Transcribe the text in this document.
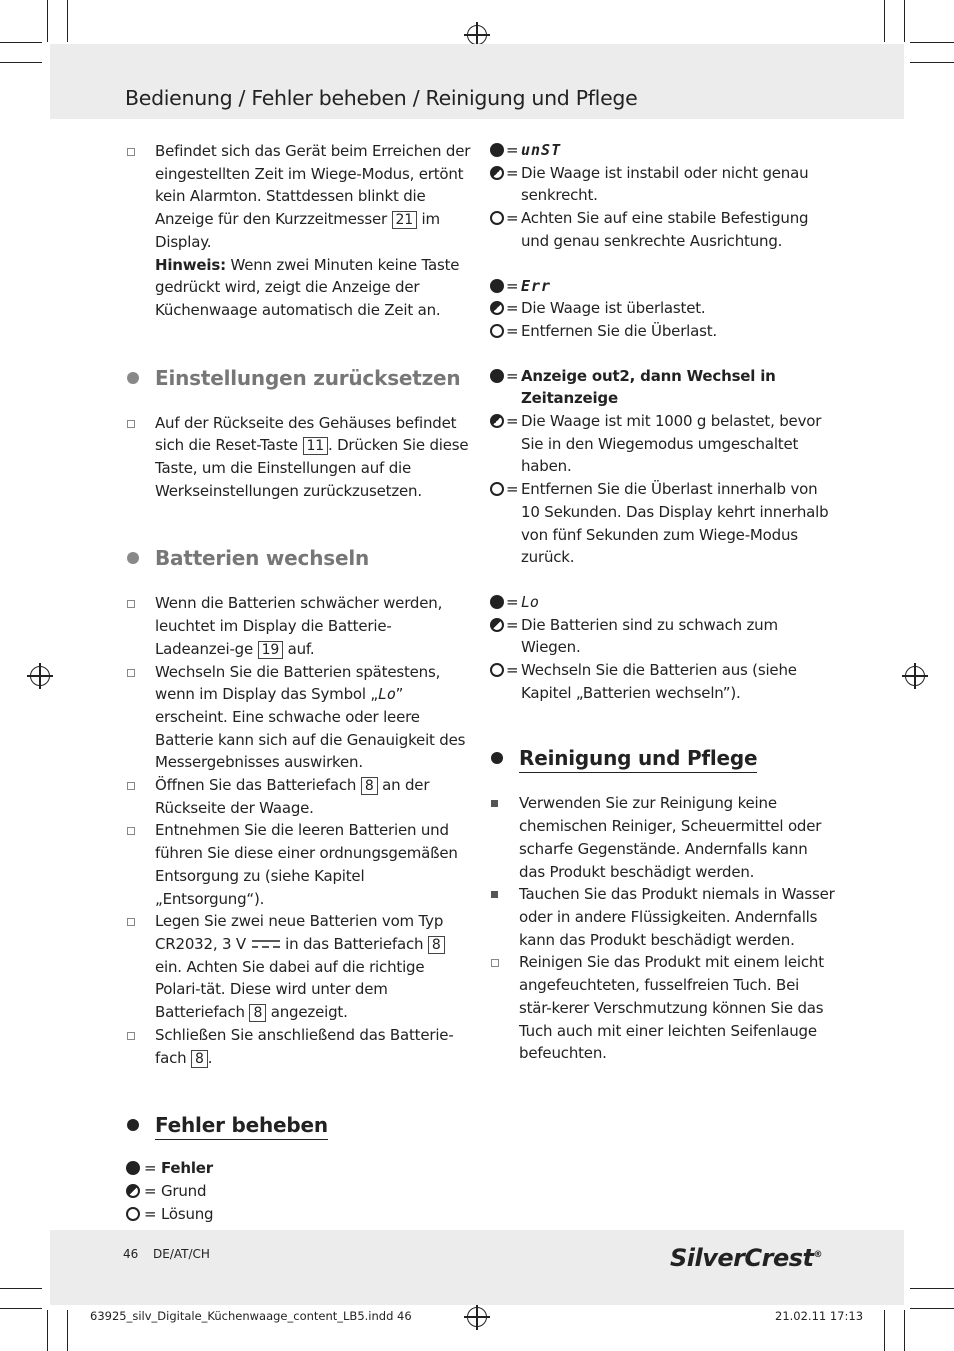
Bedienung / Fehler beheben / Reinigung und Pflege
Befindet sich das Gerät beim Erreichen der eingestellten Zeit im Wiege-Modus, ertönt kein Alarmton. Stattdessen blinkt die Anzeige für den Kurzzeitmesser 21 im Display.
Hinweis: Wenn zwei Minuten keine Taste gedrückt wird, zeigt die Anzeige der Küchenwaage automatisch die Zeit an.
Einstellungen zurücksetzen
Auf der Rückseite des Gehäuses befindet sich die Reset-Taste 11 . Drücken Sie diese Taste, um die Einstellungen auf die Werkseinstellungen zurückzusetzen.
Batterien wechseln
Wenn die Batterien schwächer werden, leuchtet im Display die Batterie-Ladeanzei-ge 19 auf.
Wechseln Sie die Batterien spätestens, wenn im Display das Symbol „Lo” erscheint. Eine schwache oder leere Batterie kann sich auf die Genauigkeit des Messergebnisses auswirken.
Öffnen Sie das Batteriefach 8 an der Rückseite der Waage.
Entnehmen Sie die leeren Batterien und führen Sie diese einer ordnungsgemäßen Entsorgung zu (siehe Kapitel „Entsorgung“).
Legen Sie zwei neue Batterien vom Typ CR2032, 3 V	in das Batteriefach 8 ein. Achten Sie dabei auf die richtige Polari-tät. Diese wird unter dem Batteriefach 8 angezeigt.
Schließen Sie anschließend das Batterie-fach 8 .
Fehler beheben
= Fehler
= Grund
= Lösung
= unST
= Die Waage ist instabil oder nicht genau senkrecht.
= Achten Sie auf eine stabile Befestigung und genau senkrechte Ausrichtung.
= Err
= Die Waage ist überlastet.
= Entfernen Sie die Überlast.
= Anzeige out2, dann Wechsel in Zeitanzeige
= Die Waage ist mit 1000 g belastet, bevor Sie in den Wiegemodus umgeschaltet haben.
= Entfernen Sie die Überlast innerhalb von 10 Sekunden. Das Display kehrt innerhalb von fünf Sekunden zum Wiege-Modus zurück.
= Lo
= Die Batterien sind zu schwach zum Wiegen.
= Wechseln Sie die Batterien aus (siehe Kapitel „Batterien wechseln”).
Reinigung und Pflege
Verwenden Sie zur Reinigung keine chemischen Reiniger, Scheuermittel oder scharfe Gegenstände. Andernfalls kann das Produkt beschädigt werden.
Tauchen Sie das Produkt niemals in Wasser oder in andere Flüssigkeiten. Andernfalls kann das Produkt beschädigt werden.
Reinigen Sie das Produkt mit einem leicht angefeuchteten, fusselfreien Tuch. Bei stär-kerer Verschmutzung können Sie das Tuch auch mit einer leichten Seifenlauge befeuchten.
46 DE/AT/CH	SilverCrest®
63925_silv_Digitale_Küchenwaage_content_LB5.indd 46	21.02.11 17:13
